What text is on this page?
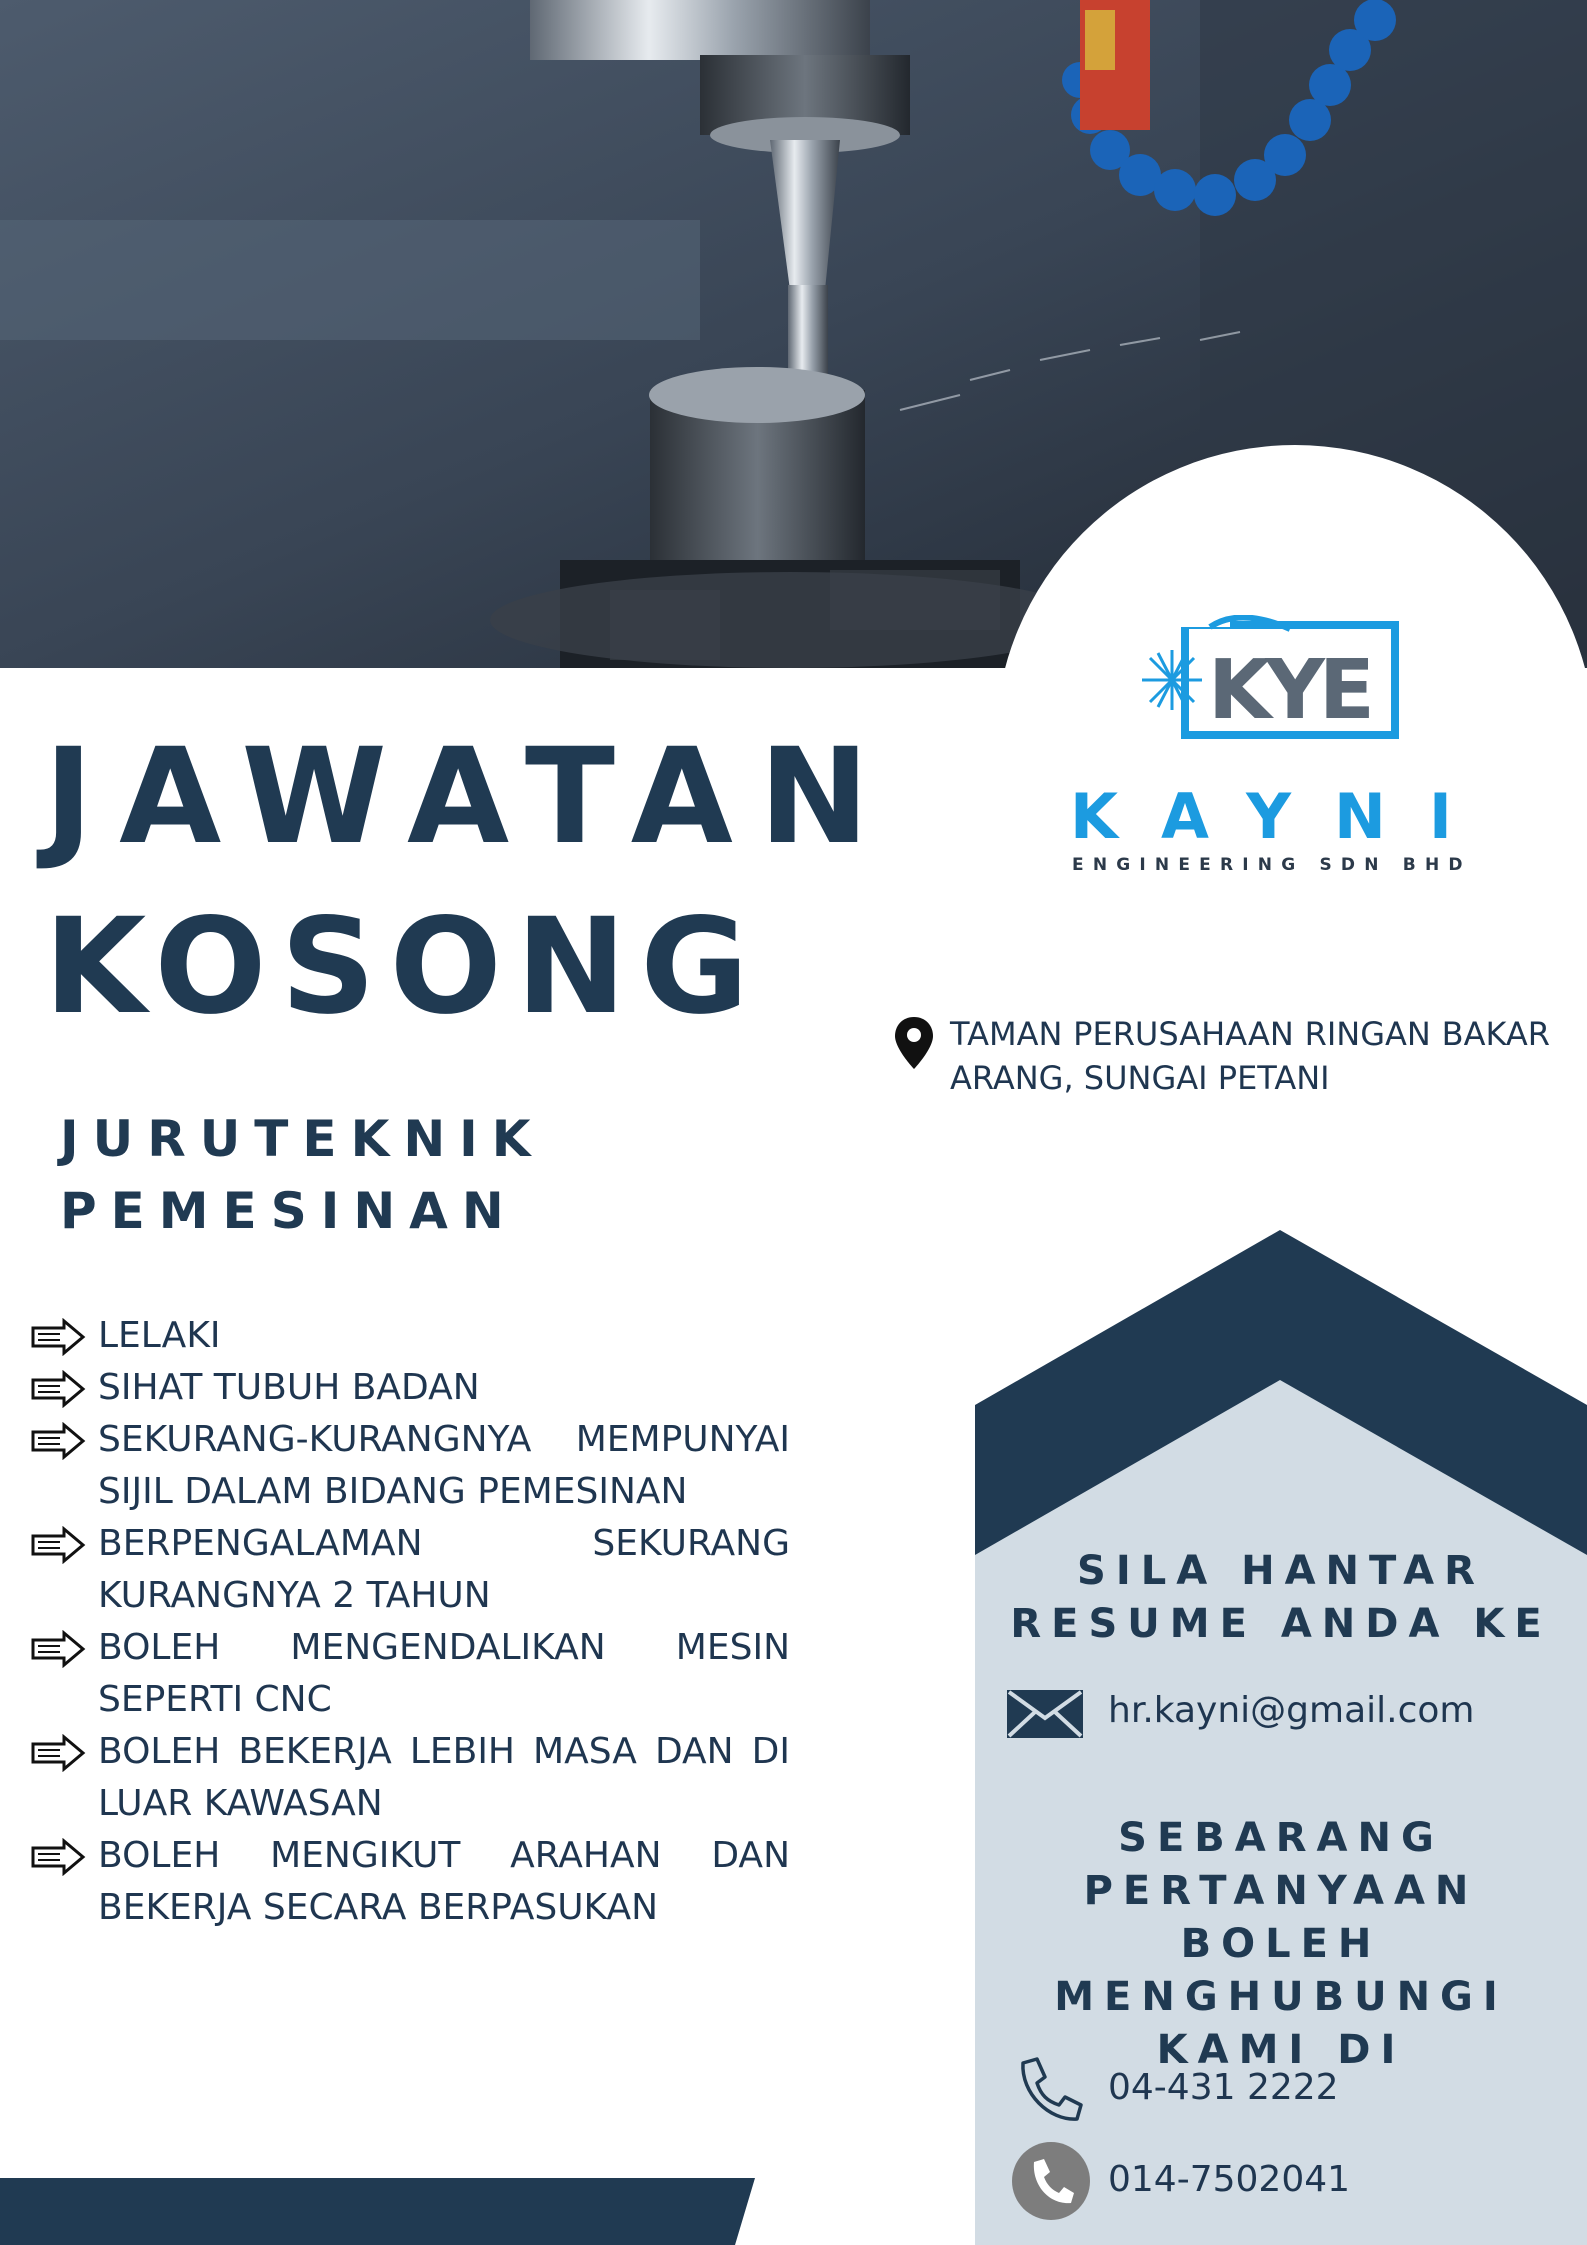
KYE
KAYNI
ENGINEERING SDN BHD
JAWATAN
KOSONG
JURUTEKNIK
PEMESINAN
TAMAN PERUSAHAAN RINGAN BAKAR ARANG, SUNGAI PETANI
LELAKI
SIHAT TUBUH BADAN
SEKURANG-KURANGNYA MEMPUNYAI SIJIL DALAM BIDANG PEMESINAN
BERPENGALAMAN SEKURANG KURANGNYA 2 TAHUN
BOLEH MENGENDALIKAN MESIN SEPERTI CNC
BOLEH BEKERJA LEBIH MASA DAN DI LUAR KAWASAN
BOLEH MENGIKUT ARAHAN DAN BEKERJA SECARA BERPASUKAN
SILA HANTAR RESUME ANDA KE
hr.kayni@gmail.com
SEBARANG PERTANYAAN BOLEH MENGHUBUNGI KAMI DI
04-431 2222
014-7502041
